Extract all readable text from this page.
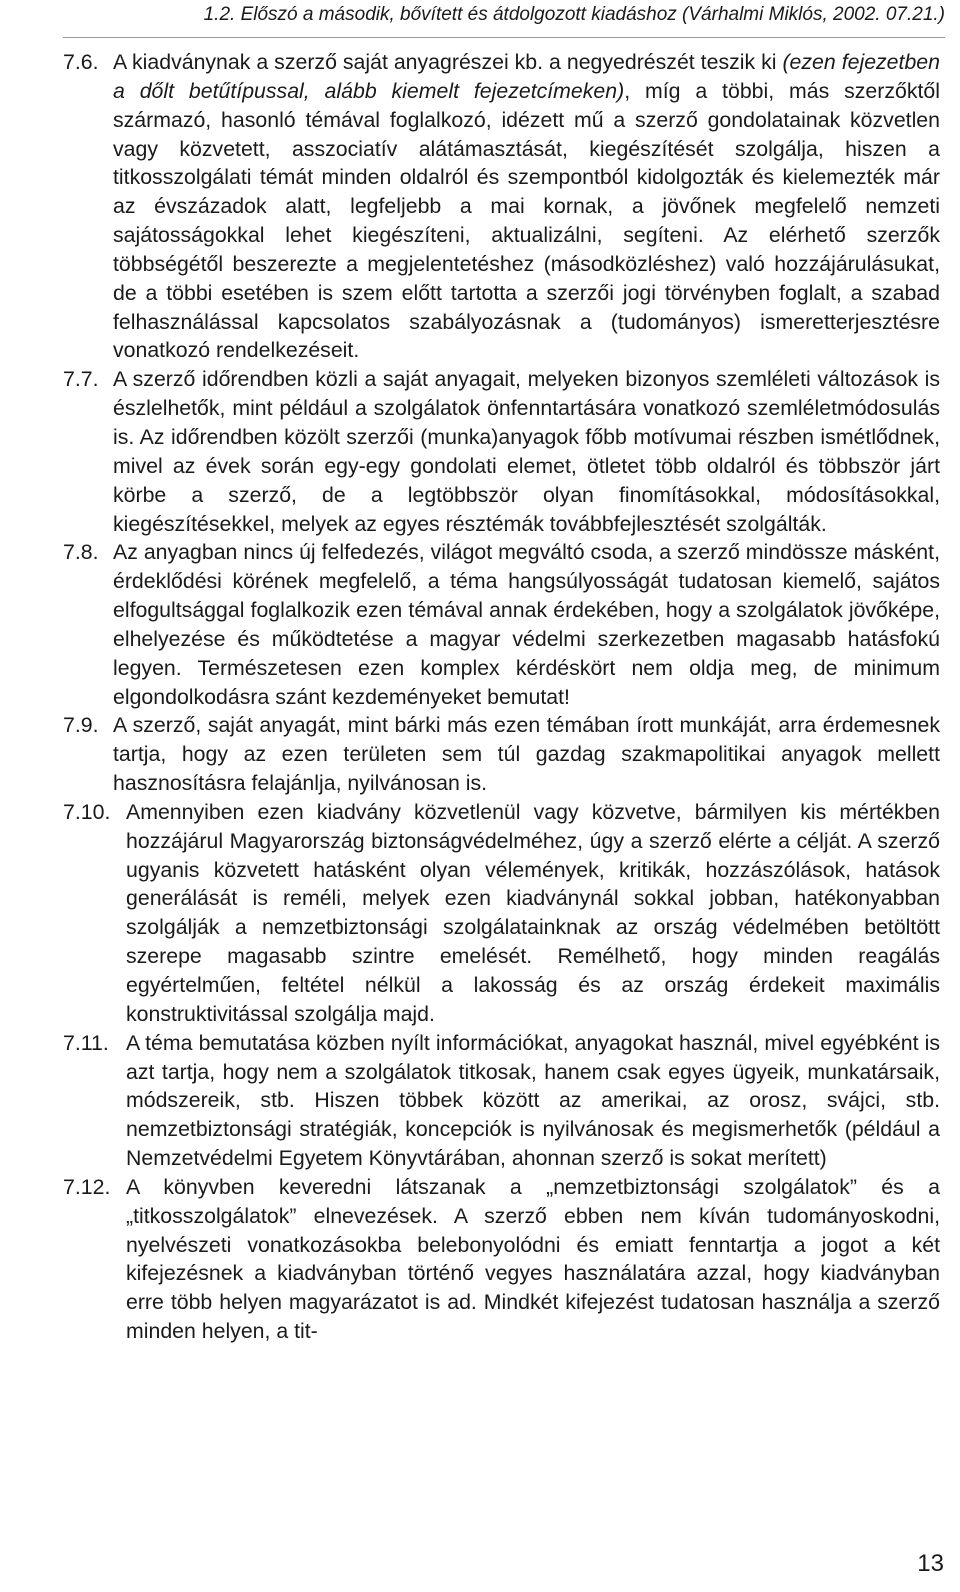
1.2. Előszó a második, bővített és átdolgozott kiadáshoz (Várhalmi Miklós, 2002. 07.21.)
7.6. A kiadványnak a szerző saját anyagrészei kb. a negyedrészét teszik ki (ezen fejezetben a dőlt betűtípussal, alább kiemelt fejezetcímeken), míg a többi, más szerzőktől származó, hasonló témával foglalkozó, idézett mű a szerző gondolatainak közvetlen vagy közvetett, asszociatív alátámasztását, kiegészítését szolgálja, hiszen a titkosszolgálati témát minden oldalról és szempontból kidolgozták és kielemezték már az évszázadok alatt, legfeljebb a mai kornak, a jövőnek megfelelő nemzeti sajátosságokkal lehet kiegészíteni, aktualizálni, segíteni. Az elérhető szerzők többségétől beszerezte a megjelentetéshez (másodközléshez) való hozzájárulásukat, de a többi esetében is szem előtt tartotta a szerzői jogi törvényben foglalt, a szabad felhasználással kapcsolatos szabályozásnak a (tudományos) ismeretterjesztésre vonatkozó rendelkezéseit.
7.7. A szerző időrendben közli a saját anyagait, melyeken bizonyos szemléleti változások is észlelhetők, mint például a szolgálatok önfenntartására vonatkozó szemléletmódosulás is. Az időrendben közölt szerzői (munka)anyagok főbb motívumai részben ismétlődnek, mivel az évek során egy-egy gondolati elemet, ötletet több oldalról és többször járt körbe a szerző, de a legtöbbször olyan finomításokkal, módosításokkal, kiegészítésekkel, melyek az egyes résztémák továbbfejlesztését szolgálták.
7.8. Az anyagban nincs új felfedezés, világot megváltó csoda, a szerző mindössze másként, érdeklődési körének megfelelő, a téma hangsúlyosságát tudatosan kiemelő, sajátos elfogultsággal foglalkozik ezen témával annak érdekében, hogy a szolgálatok jövőképe, elhelyezése és működtetése a magyar védelmi szerkezetben magasabb hatásfokú legyen. Természetesen ezen komplex kérdéskört nem oldja meg, de minimum elgondolkodásra szánt kezdeményeket bemutat!
7.9. A szerző, saját anyagát, mint bárki más ezen témában írott munkáját, arra érdemesnek tartja, hogy az ezen területen sem túl gazdag szakmapolitikai anyagok mellett hasznosításra felajánlja, nyilvánosan is.
7.10. Amennyiben ezen kiadvány közvetlenül vagy közvetve, bármilyen kis mértékben hozzájárul Magyarország biztonságvédelméhez, úgy a szerző elérte a célját. A szerző ugyanis közvetett hatásként olyan vélemények, kritikák, hozzászólások, hatások generálását is reméli, melyek ezen kiadványnál sokkal jobban, hatékonyabban szolgálják a nemzetbiztonsági szolgálatainknak az ország védelmében betöltött szerepe magasabb szintre emelését. Remélhető, hogy minden reagálás egyértelműen, feltétel nélkül a lakosság és az ország érdekeit maximális konstruktivitással szolgálja majd.
7.11. A téma bemutatása közben nyílt információkat, anyagokat használ, mivel egyébként is azt tartja, hogy nem a szolgálatok titkosak, hanem csak egyes ügyeik, munkatársaik, módszereik, stb. Hiszen többek között az amerikai, az orosz, svájci, stb. nemzetbiztonsági stratégiák, koncepciók is nyilvánosak és megismerhetők (például a Nemzetvédelmi Egyetem Könyvtárában, ahonnan szerző is sokat merített)
7.12. A könyvben keveredni látszanak a „nemzetbiztonsági szolgálatok” és a „titkosszolgálatok” elnevezések. A szerző ebben nem kíván tudományoskodni, nyelvészeti vonatkozásokba belebonyolódni és emiatt fenntartja a jogot a két kifejezésnek a kiadványban történő vegyes használatára azzal, hogy kiadványban erre több helyen magyarázatot is ad. Mindkét kifejezést tudatosan használja a szerző minden helyen, a tit-
13
